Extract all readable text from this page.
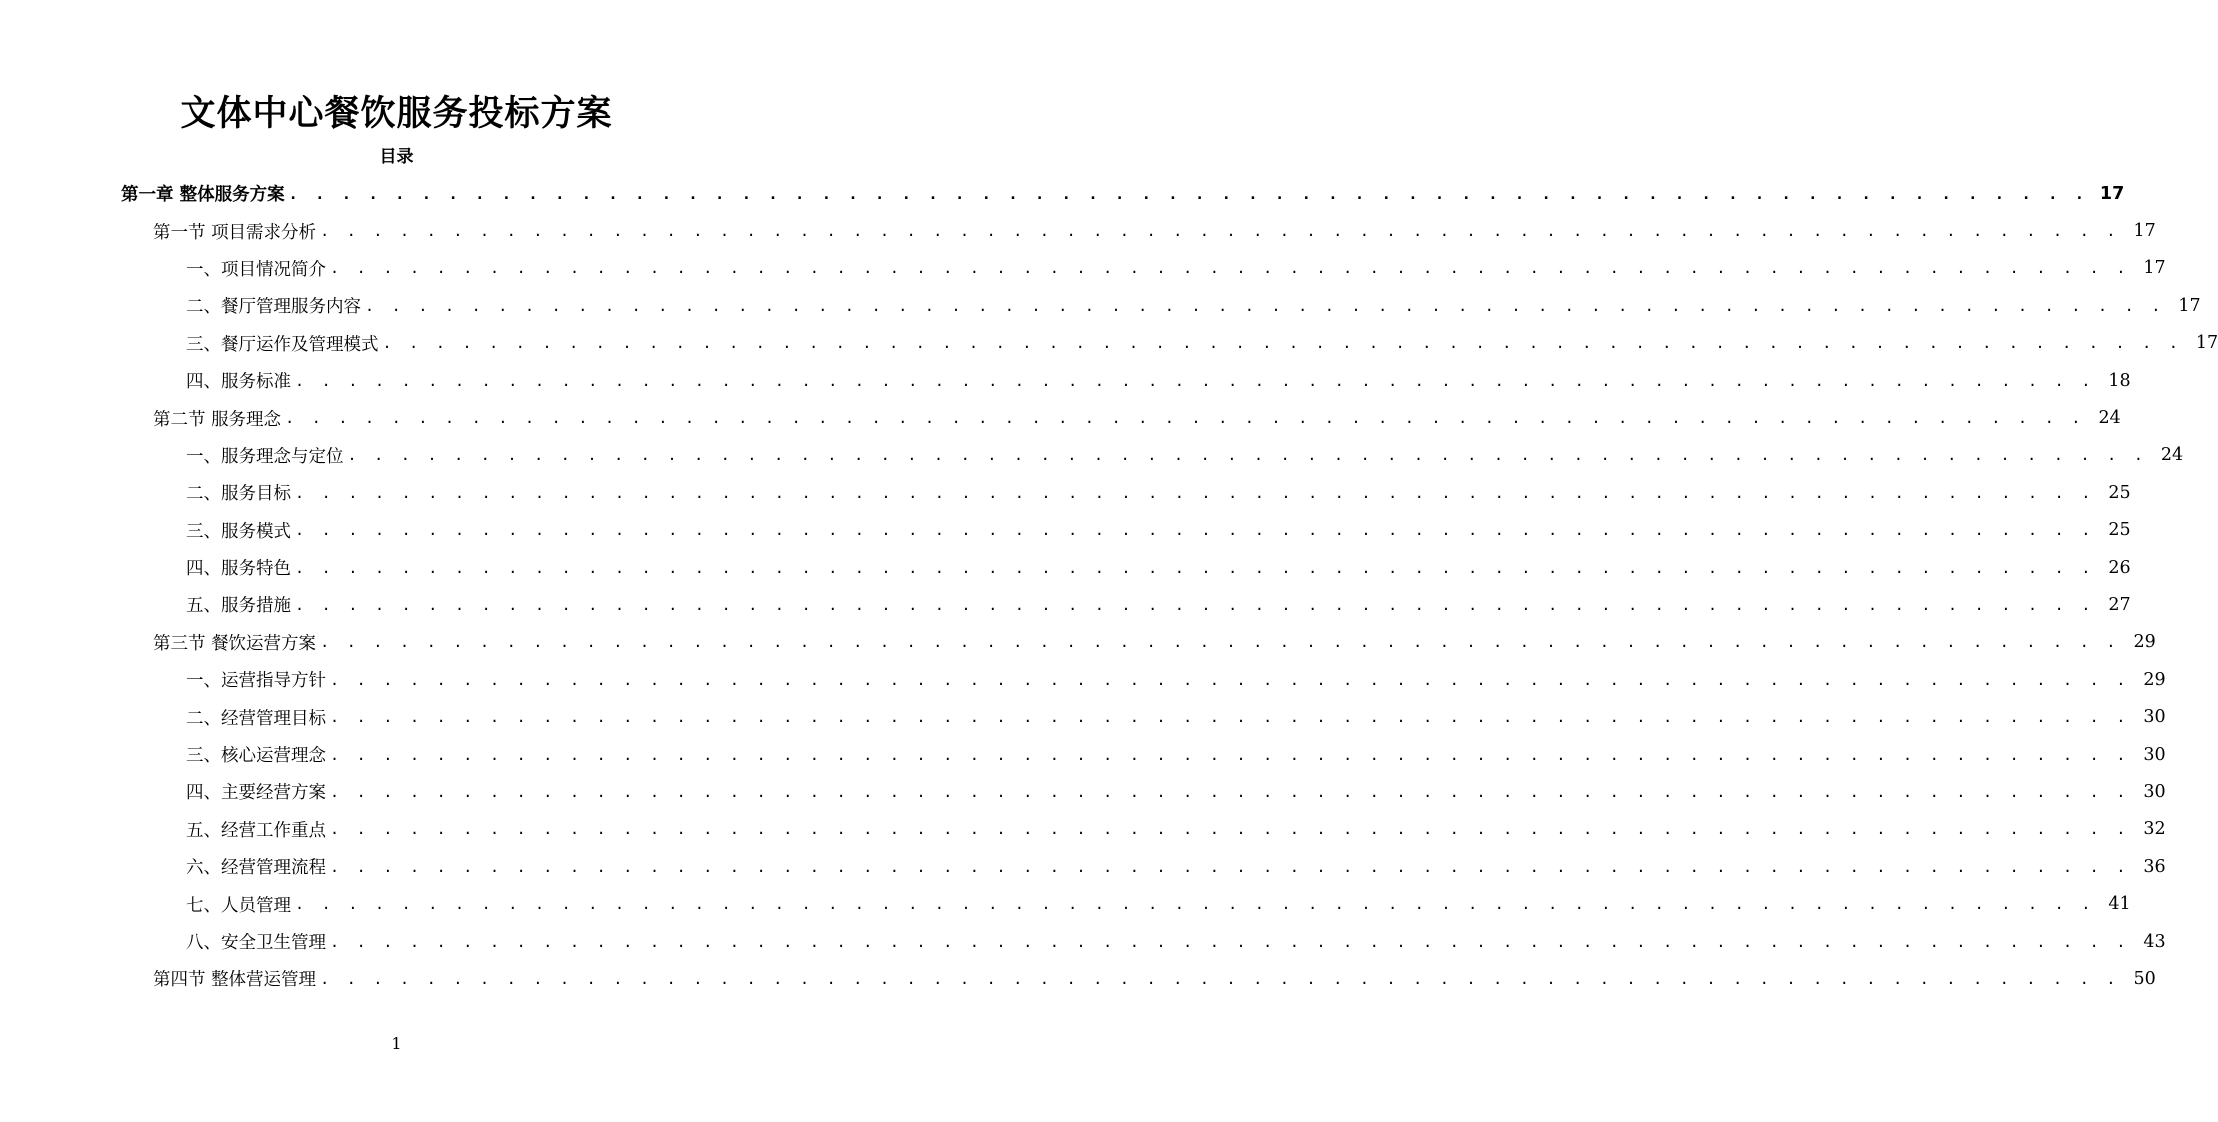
文体中心餐饮服务投标方案
目录
第一章 整体服务方案 . . . . . . . . . . . . . . . . . . . . . . . . . . . . . . . . . . . . . . . . . . . . . . . . . . . . . . . . . . . . . . . . . . . . 17
第一节 项目需求分析 . . . . . . . . . . . . . . . . . . . . . . . . . . . . . . . . . . . . . . . . . . . . . . . . . . . . . . . . . . . . . . . . . . . . 17
一、项目情况简介 . . . . . . . . . . . . . . . . . . . . . . . . . . . . . . . . . . . . . . . . . . . . . . . . . . . . . . . . . . . . . . . . . . . . 17
二、餐厅管理服务内容 . . . . . . . . . . . . . . . . . . . . . . . . . . . . . . . . . . . . . . . . . . . . . . . . . . . . . . . . . . . . . . . . . . . . 17
三、餐厅运作及管理模式 . . . . . . . . . . . . . . . . . . . . . . . . . . . . . . . . . . . . . . . . . . . . . . . . . . . . . . . . . . . . . . . . . . . . 17
四、服务标准 . . . . . . . . . . . . . . . . . . . . . . . . . . . . . . . . . . . . . . . . . . . . . . . . . . . . . . . . . . . . . . . . . . . . 18
第二节 服务理念 . . . . . . . . . . . . . . . . . . . . . . . . . . . . . . . . . . . . . . . . . . . . . . . . . . . . . . . . . . . . . . . . . . . . 24
一、服务理念与定位 . . . . . . . . . . . . . . . . . . . . . . . . . . . . . . . . . . . . . . . . . . . . . . . . . . . . . . . . . . . . . . . . . . . . 24
二、服务目标 . . . . . . . . . . . . . . . . . . . . . . . . . . . . . . . . . . . . . . . . . . . . . . . . . . . . . . . . . . . . . . . . . . . . 25
三、服务模式 . . . . . . . . . . . . . . . . . . . . . . . . . . . . . . . . . . . . . . . . . . . . . . . . . . . . . . . . . . . . . . . . . . . . 25
四、服务特色 . . . . . . . . . . . . . . . . . . . . . . . . . . . . . . . . . . . . . . . . . . . . . . . . . . . . . . . . . . . . . . . . . . . . 26
五、服务措施 . . . . . . . . . . . . . . . . . . . . . . . . . . . . . . . . . . . . . . . . . . . . . . . . . . . . . . . . . . . . . . . . . . . . 27
第三节 餐饮运营方案 . . . . . . . . . . . . . . . . . . . . . . . . . . . . . . . . . . . . . . . . . . . . . . . . . . . . . . . . . . . . . . . . . . . . 29
一、运营指导方针 . . . . . . . . . . . . . . . . . . . . . . . . . . . . . . . . . . . . . . . . . . . . . . . . . . . . . . . . . . . . . . . . . . . . 29
二、经营管理目标 . . . . . . . . . . . . . . . . . . . . . . . . . . . . . . . . . . . . . . . . . . . . . . . . . . . . . . . . . . . . . . . . . . . . 30
三、核心运营理念 . . . . . . . . . . . . . . . . . . . . . . . . . . . . . . . . . . . . . . . . . . . . . . . . . . . . . . . . . . . . . . . . . . . . 30
四、主要经营方案 . . . . . . . . . . . . . . . . . . . . . . . . . . . . . . . . . . . . . . . . . . . . . . . . . . . . . . . . . . . . . . . . . . . . 30
五、经营工作重点 . . . . . . . . . . . . . . . . . . . . . . . . . . . . . . . . . . . . . . . . . . . . . . . . . . . . . . . . . . . . . . . . . . . . 32
六、经营管理流程 . . . . . . . . . . . . . . . . . . . . . . . . . . . . . . . . . . . . . . . . . . . . . . . . . . . . . . . . . . . . . . . . . . . . 36
七、人员管理 . . . . . . . . . . . . . . . . . . . . . . . . . . . . . . . . . . . . . . . . . . . . . . . . . . . . . . . . . . . . . . . . . . . . 41
八、安全卫生管理 . . . . . . . . . . . . . . . . . . . . . . . . . . . . . . . . . . . . . . . . . . . . . . . . . . . . . . . . . . . . . . . . . . . . 43
第四节 整体营运管理 . . . . . . . . . . . . . . . . . . . . . . . . . . . . . . . . . . . . . . . . . . . . . . . . . . . . . . . . . . . . . . . . . . . . 50
1
